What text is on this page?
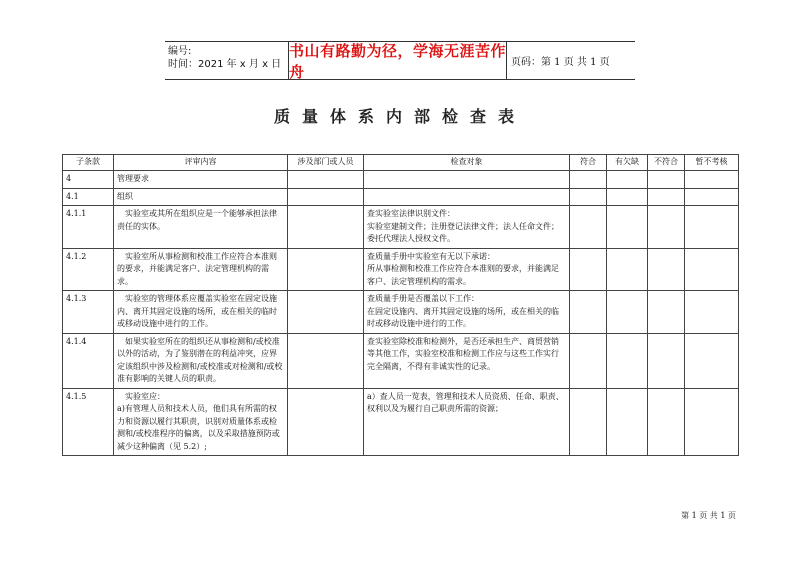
编号:
时间：2021 年 x 月 x 日
书山有路勤为径，学海无涯苦作舟	页码：第 1 页 共 1 页
质量体系内部检查表
子条款	评审内容	涉及部门或人员	检查对象	符合	有欠缺	不符合	暂不考核
4	管理要求						
4.1	组织						
4.1.1	　实验室或其所在组织应是一个能够承担法律责任的实体。		查实验室法律识别文件：
实验室建制文件；注册登记法律文件；法人任命文件；委托代理法人授权文件。				
4.1.2	　实验室所从事检测和校准工作应符合本准则的要求，并能满足客户、法定管理机构的需求。		查质量手册中实验室有无以下承诺：
所从事检测和校准工作应符合本准则的要求，并能满足客户、法定管理机构的需求。				
4.1.3	　实验室的管理体系应覆盖实验室在固定设施内、离开其固定设施的场所，或在相关的临时或移动设施中进行的工作。		查质量手册是否覆盖以下工作：
在固定设施内、离开其固定设施的场所，或在相关的临时或移动设施中进行的工作。				
4.1.4	　如果实验室所在的组织还从事检测和/或校准以外的活动，为了鉴别潜在的利益冲突，应界定该组织中涉及检测和/或校准或对检测和/或校准有影响的关键人员的职责。		查实验室除校准和检测外，是否还承担生产、商贸营销等其他工作，实验室校准和检测工作应与这些工作实行完全隔离，不得有非诚实性的记录。				
4.1.5	　实验室应：
a)有管理人员和技术人员，他们具有所需的权力和资源以履行其职责，识别对质量体系或检测和/或校准程序的偏离，以及采取措施预防或减少这种偏离（见 5.2）;		a）查人员一览表，管理和技术人员资质、任命、职责、权利以及为履行自己职责所需的资源；				
第 1 页 共 1 页
